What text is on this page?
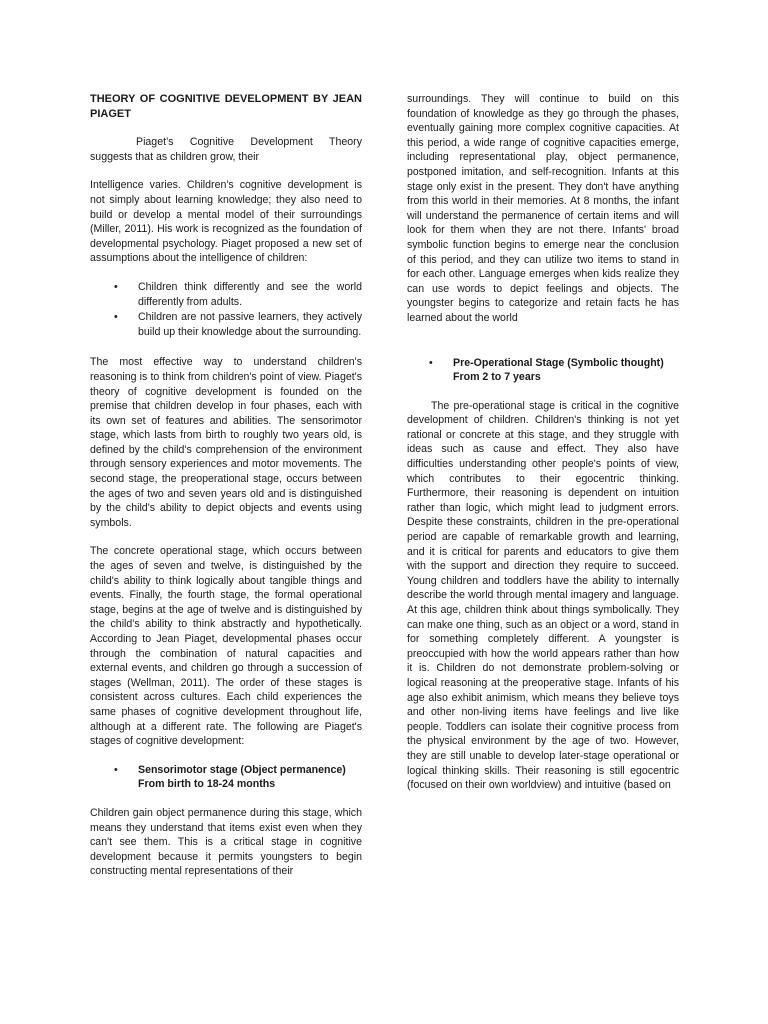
THEORY OF COGNITIVE DEVELOPMENT BY JEAN PIAGET

Piaget’s Cognitive Development Theory suggests that as children grow, their

Intelligence varies. Children's cognitive development is not simply about learning knowledge; they also need to build or develop a mental model of their surroundings (Miller, 2011). His work is recognized as the foundation of developmental psychology. Piaget proposed a new set of assumptions about the intelligence of children:

• Children think differently and see the world differently from adults.
• Children are not passive learners, they actively build up their knowledge about the surrounding.

The most effective way to understand children's reasoning is to think from children's point of view. Piaget's theory of cognitive development is founded on the premise that children develop in four phases, each with its own set of features and abilities. The sensorimotor stage, which lasts from birth to roughly two years old, is defined by the child's comprehension of the environment through sensory experiences and motor movements. The second stage, the preoperational stage, occurs between the ages of two and seven years old and is distinguished by the child's ability to depict objects and events using symbols.

The concrete operational stage, which occurs between the ages of seven and twelve, is distinguished by the child's ability to think logically about tangible things and events. Finally, the fourth stage, the formal operational stage, begins at the age of twelve and is distinguished by the child's ability to think abstractly and hypothetically. According to Jean Piaget, developmental phases occur through the combination of natural capacities and external events, and children go through a succession of stages (Wellman, 2011). The order of these stages is consistent across cultures. Each child experiences the same phases of cognitive development throughout life, although at a different rate. The following are Piaget's stages of cognitive development:

• Sensorimotor stage (Object permanence) From birth to 18-24 months

Children gain object permanence during this stage, which means they understand that items exist even when they can't see them. This is a critical stage in cognitive development because it permits youngsters to begin constructing mental representations of their

surroundings. They will continue to build on this foundation of knowledge as they go through the phases, eventually gaining more complex cognitive capacities. At this period, a wide range of cognitive capacities emerge, including representational play, object permanence, postponed imitation, and self-recognition. Infants at this stage only exist in the present. They don't have anything from this world in their memories. At 8 months, the infant will understand the permanence of certain items and will look for them when they are not there. Infants' broad symbolic function begins to emerge near the conclusion of this period, and they can utilize two items to stand in for each other. Language emerges when kids realize they can use words to depict feelings and objects. The youngster begins to categorize and retain facts he has learned about the world

• Pre-Operational Stage (Symbolic thought) From 2 to 7 years

The pre-operational stage is critical in the cognitive development of children. Children's thinking is not yet rational or concrete at this stage, and they struggle with ideas such as cause and effect. They also have difficulties understanding other people's points of view, which contributes to their egocentric thinking. Furthermore, their reasoning is dependent on intuition rather than logic, which might lead to judgment errors. Despite these constraints, children in the pre-operational period are capable of remarkable growth and learning, and it is critical for parents and educators to give them with the support and direction they require to succeed. Young children and toddlers have the ability to internally describe the world through mental imagery and language. At this age, children think about things symbolically. They can make one thing, such as an object or a word, stand in for something completely different. A youngster is preoccupied with how the world appears rather than how it is. Children do not demonstrate problem-solving or logical reasoning at the preoperative stage. Infants of his age also exhibit animism, which means they believe toys and other non-living items have feelings and live like people. Toddlers can isolate their cognitive process from the physical environment by the age of two. However, they are still unable to develop later-stage operational or logical thinking skills. Their reasoning is still egocentric (focused on their own worldview) and intuitive (based on
